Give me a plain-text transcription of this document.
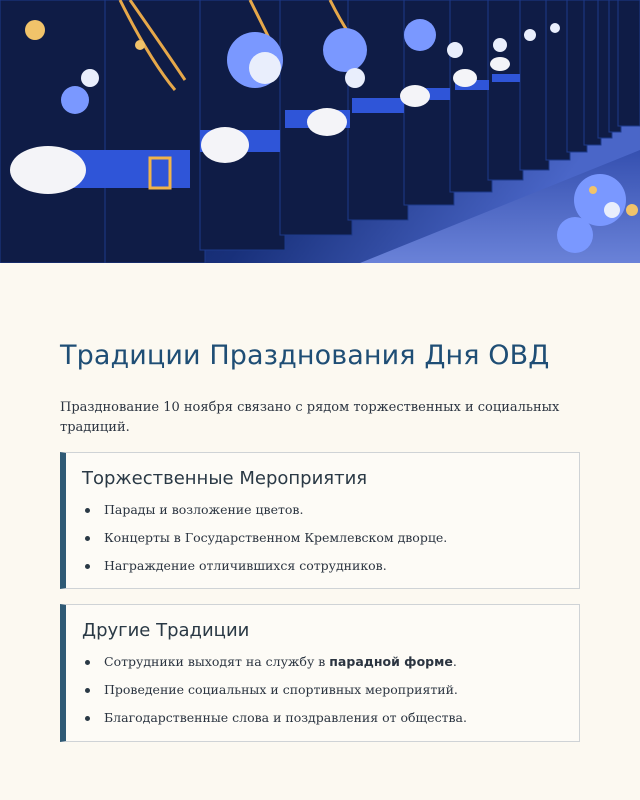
Традиции Празднования Дня ОВД

Празднование 10 ноября связано с рядом торжественных и социальных традиций.

Торжественные Мероприятия
Парады и возложение цветов.
Концерты в Государственном Кремлевском дворце.
Награждение отличившихся сотрудников.
Другие Традиции
Сотрудники выходят на службу в парадной форме.
Проведение социальных и спортивных мероприятий.
Благодарственные слова и поздравления от общества.
